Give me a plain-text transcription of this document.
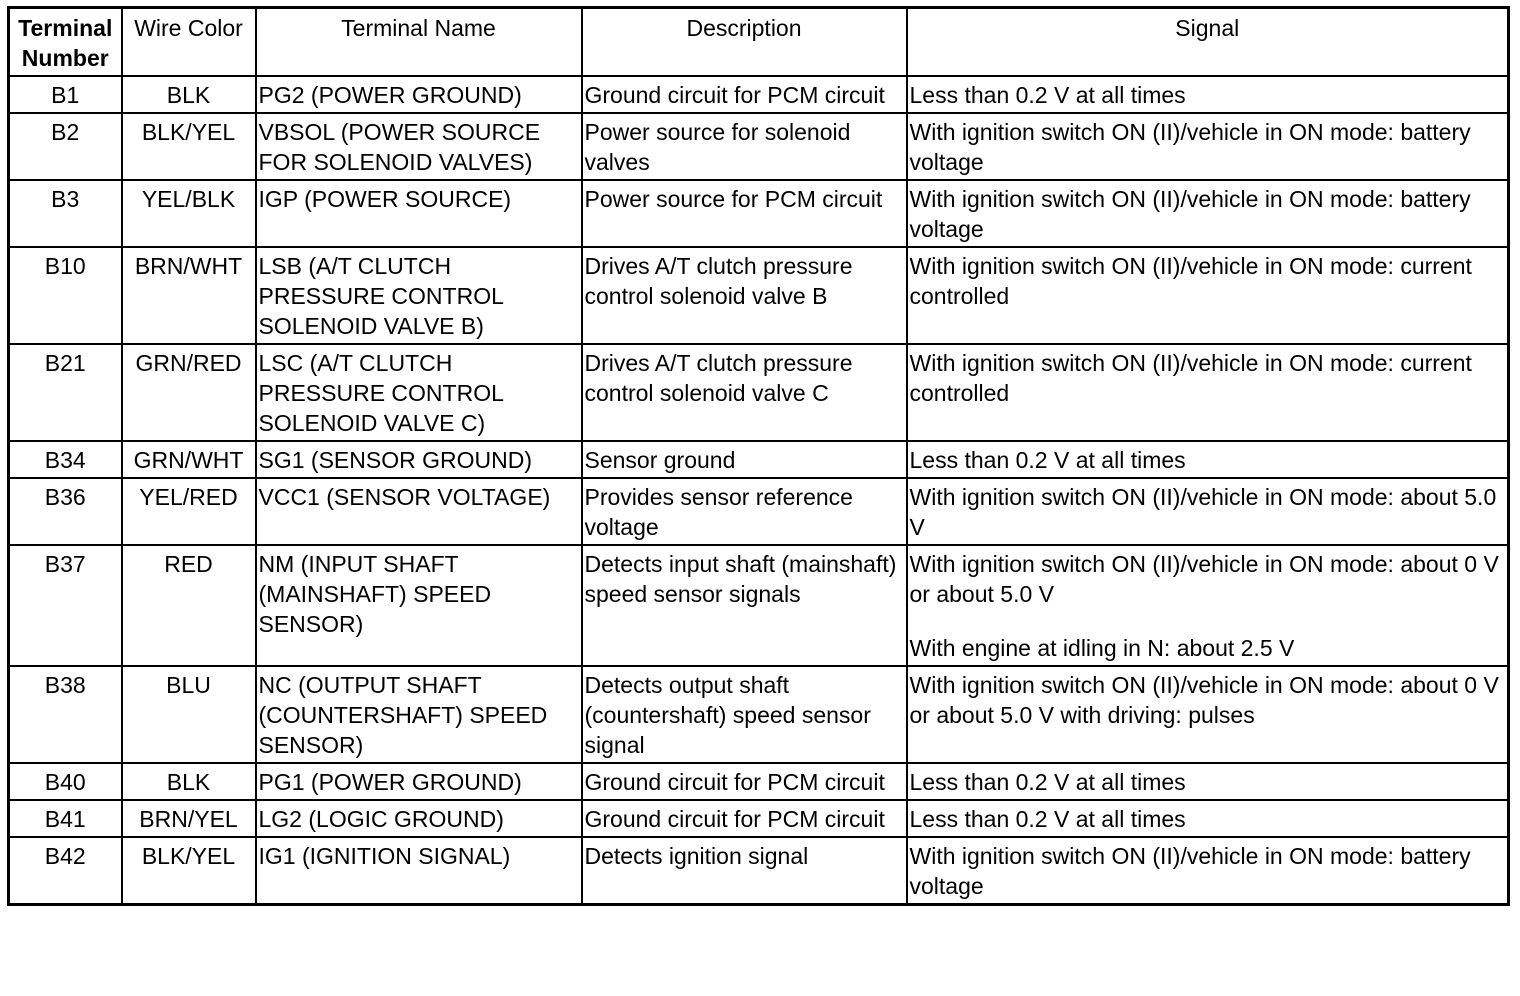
Terminal Number	Wire Color	Terminal Name	Description	Signal
B1	BLK	PG2 (POWER GROUND)	Ground circuit for PCM circuit	Less than 0.2 V at all times

B2	BLK/YEL	VBSOL (POWER SOURCE FOR SOLENOID VALVES)	Power source for solenoid valves	With ignition switch ON (II)/vehicle in ON mode: battery voltage

B3	YEL/BLK	IGP (POWER SOURCE)	Power source for PCM circuit	With ignition switch ON (II)/vehicle in ON mode: battery voltage

B10	BRN/WHT	LSB (A/T CLUTCH PRESSURE CONTROL SOLENOID VALVE B)	Drives A/T clutch pressure control solenoid valve B	With ignition switch ON (II)/vehicle in ON mode: current controlled

B21	GRN/RED	LSC (A/T CLUTCH PRESSURE CONTROL SOLENOID VALVE C)	Drives A/T clutch pressure control solenoid valve C	With ignition switch ON (II)/vehicle in ON mode: current controlled

B34	GRN/WHT	SG1 (SENSOR GROUND)	Sensor ground	Less than 0.2 V at all times

B36	YEL/RED	VCC1 (SENSOR VOLTAGE)	Provides sensor reference voltage	With ignition switch ON (II)/vehicle in ON mode: about 5.0 V

B37	RED	NM (INPUT SHAFT (MAINSHAFT) SPEED SENSOR)	Detects input shaft (mainshaft) speed sensor signals	With ignition switch ON (II)/vehicle in ON mode: about 0 V or about 5.0 V
With engine at idling in N: about 2.5 V

B38	BLU	NC (OUTPUT SHAFT (COUNTERSHAFT) SPEED SENSOR)	Detects output shaft (countershaft) speed sensor signal	With ignition switch ON (II)/vehicle in ON mode: about 0 V or about 5.0 V with driving: pulses

B40	BLK	PG1 (POWER GROUND)	Ground circuit for PCM circuit	Less than 0.2 V at all times

B41	BRN/YEL	LG2 (LOGIC GROUND)	Ground circuit for PCM circuit	Less than 0.2 V at all times

B42	BLK/YEL	IG1 (IGNITION SIGNAL)	Detects ignition signal	With ignition switch ON (II)/vehicle in ON mode: battery voltage
